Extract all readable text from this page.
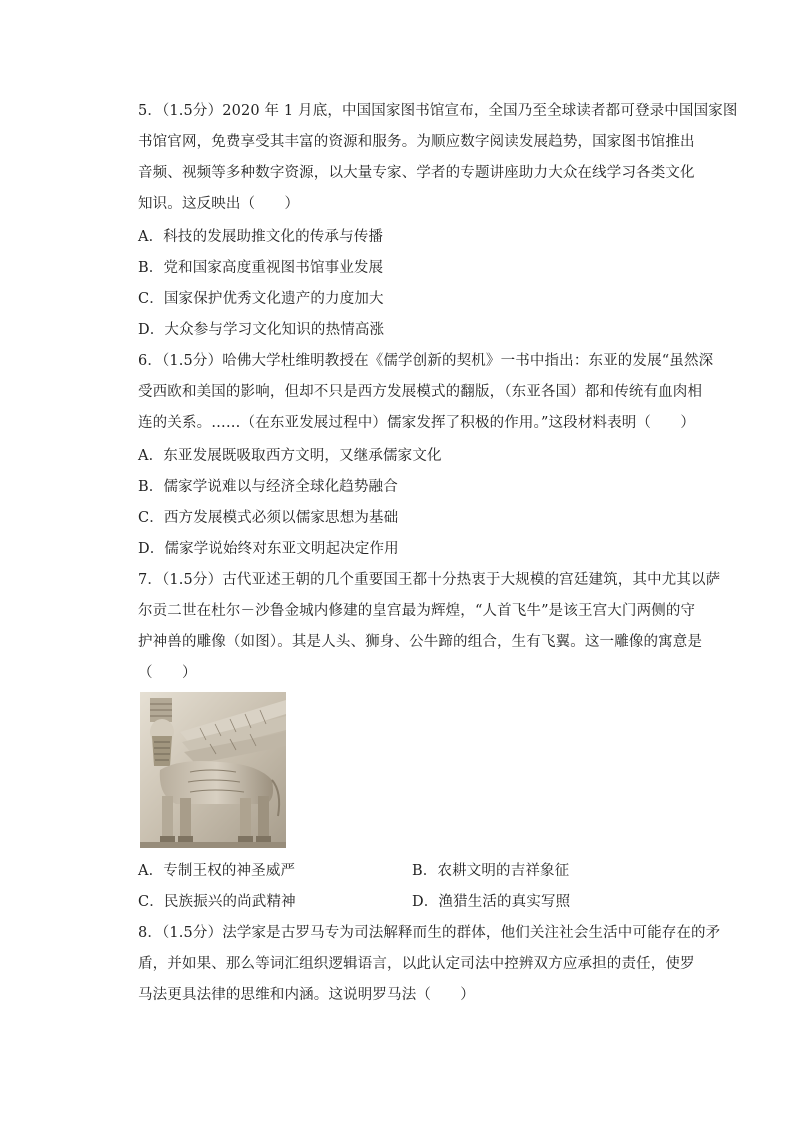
5．（1.5分）2020 年 1 月底，中国国家图书馆宣布，全国乃至全球读者都可登录中国国家图
书馆官网，免费享受其丰富的资源和服务。为顺应数字阅读发展趋势，国家图书馆推出
音频、视频等多种数字资源，以大量专家、学者的专题讲座助力大众在线学习各类文化
知识。这反映出（　　）
A．科技的发展助推文化的传承与传播
B．党和国家高度重视图书馆事业发展
C．国家保护优秀文化遗产的力度加大
D．大众参与学习文化知识的热情高涨
6．（1.5分）哈佛大学杜维明教授在《儒学创新的契机》一书中指出：东亚的发展“虽然深
受西欧和美国的影响，但却不只是西方发展模式的翻版，（东亚各国）都和传统有血肉相
连的关系。……（在东亚发展过程中）儒家发挥了积极的作用。”这段材料表明（　　）
A．东亚发展既吸取西方文明，又继承儒家文化
B．儒家学说难以与经济全球化趋势融合
C．西方发展模式必须以儒家思想为基础
D．儒家学说始终对东亚文明起决定作用
7．（1.5分）古代亚述王朝的几个重要国王都十分热衷于大规模的宫廷建筑，其中尤其以萨
尔贡二世在杜尔－沙鲁金城内修建的皇宫最为辉煌，“人首飞牛”是该王宫大门两侧的守
护神兽的雕像（如图）。其是人头、狮身、公牛蹄的组合，生有飞翼。这一雕像的寓意是
（　　）
A．专制王权的神圣威严	B．农耕文明的吉祥象征
C．民族振兴的尚武精神	D．渔猎生活的真实写照
8．（1.5分）法学家是古罗马专为司法解释而生的群体，他们关注社会生活中可能存在的矛
盾，并如果、那么等词汇组织逻辑语言，以此认定司法中控辨双方应承担的责任，使罗
马法更具法律的思维和内涵。这说明罗马法（　　）
